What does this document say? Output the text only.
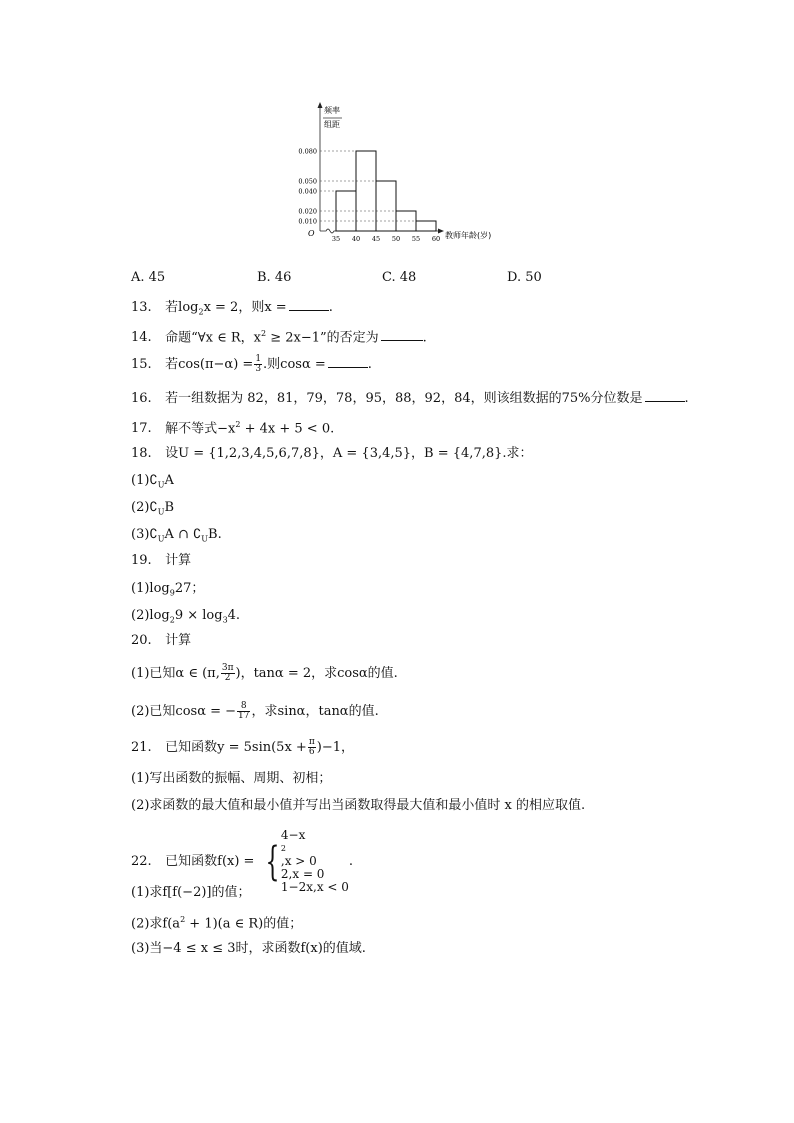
0.080
0.050
0.040
0.020
0.010
35 40 45 50 55 60
频率
组距
O	教师年龄(岁)
A. 45	B. 46	C. 48	D. 50
13. 若$\log_2x = 2$，则x =	.
14. 命题“∀x ∈ R，$x^2 \ge 2x-1$”的否定为	.
15. 若$\cos(\pi-\alpha) = \frac{1}{3}$ .则cosα =	.
16. 若一组数据为 82，81，79，78，95，88，92，84，则该组数据的75%分位数是	.
17. 解不等式$-x^2 + 4x + 5 < 0$.
18. 设U = {1,2,3,4,5,6,7,8}，A = {3,4,5}，B = {4,7,8}.求：
$(1)∁_UA$
$(2)∁_UB$
$(3)∁_UA$ ∩ $∁_UB$.
19. 计算
$(1)\log_927$；
$(2)\log_29 \times \log_34$.
20. 计算
(1)已知α ∈ (π, $\frac{3\pi}{2}$ )，tanα = 2，求cosα的值.
(2)已知cosα = − $\frac{8}{17}$ ，求sinα，tanα的值.
21. 已知函数$y = 5\sin(5x + \frac{\pi}{6} )-1$，
(1)写出函数的振幅、周期、初相；
(2)求函数的最大值和最小值并写出当函数取得最大值和最小值时 x 的相应取值.
22. 已知函数f(x) = {
4−x
2
,x > 0
2,x = 0
1−2x,x < 0
.
(1)求f[f(−2)]的值；
(2)求$f(a^2 + 1)(a$ ∈ R)的值；
(3)当−4 ≤ x ≤ 3时，求函数f(x)的值域.
